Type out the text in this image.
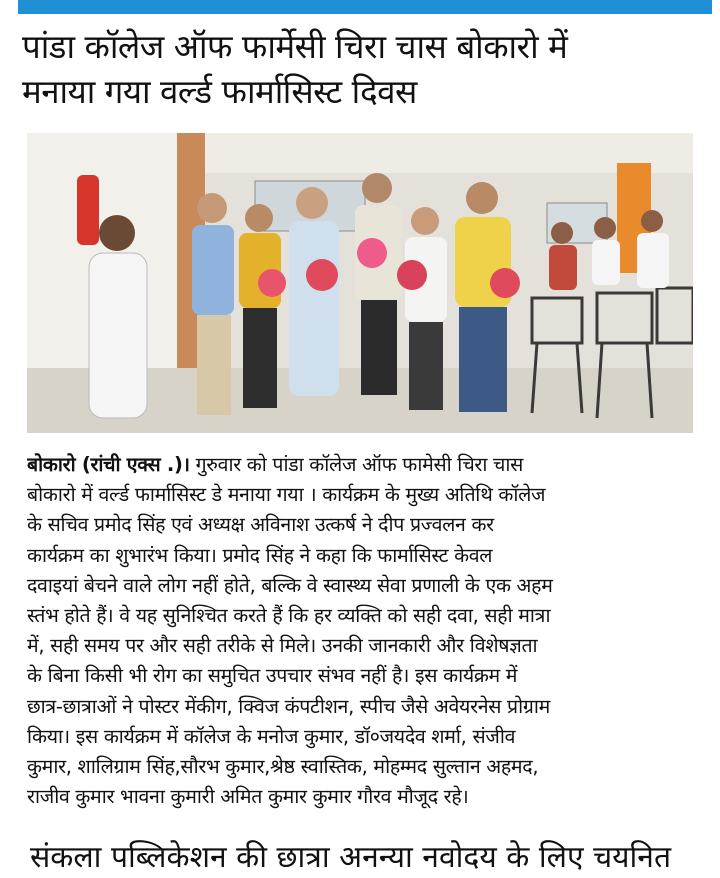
पांडा कॉलेज ऑफ फार्मेसी चिरा चास बोकारो में
मनाया गया वर्ल्ड फार्मासिस्ट दिवस
बोकारो (रांची एक्स .)। गुरुवार को पांडा कॉलेज ऑफ फामेसी चिरा चास
बोकारो में वर्ल्ड फार्मासिस्ट डे मनाया गया । कार्यक्रम के मुख्य अतिथि कॉलेज
के सचिव प्रमोद सिंह एवं अध्यक्ष अविनाश उत्कर्ष ने दीप प्रज्वलन कर
कार्यक्रम का शुभारंभ किया। प्रमोद सिंह ने कहा कि फार्मासिस्ट केवल
दवाइयां बेचने वाले लोग नहीं होते, बल्कि वे स्वास्थ्य सेवा प्रणाली के एक अहम
स्तंभ होते हैं। वे यह सुनिश्चित करते हैं कि हर व्यक्ति को सही दवा, सही मात्रा
में, सही समय पर और सही तरीके से मिले। उनकी जानकारी और विशेषज्ञता
के बिना किसी भी रोग का समुचित उपचार संभव नहीं है। इस कार्यक्रम में
छात्र-छात्राओं ने पोस्टर मेंकीग, क्विज कंपटीशन, स्पीच जैसे अवेयरनेस प्रोग्राम
किया। इस कार्यक्रम में कॉलेज के मनोज कुमार, डॉ०जयदेव शर्मा, संजीव
कुमार, शालिग्राम सिंह,सौरभ कुमार,श्रेष्ठ स्वास्तिक, मोहम्मद सुल्तान अहमद,
राजीव कुमार भावना कुमारी अमित कुमार कुमार गौरव मौजूद रहे।
संकला पब्लिकेशन की छात्रा अनन्या नवोदय के लिए चयनित
